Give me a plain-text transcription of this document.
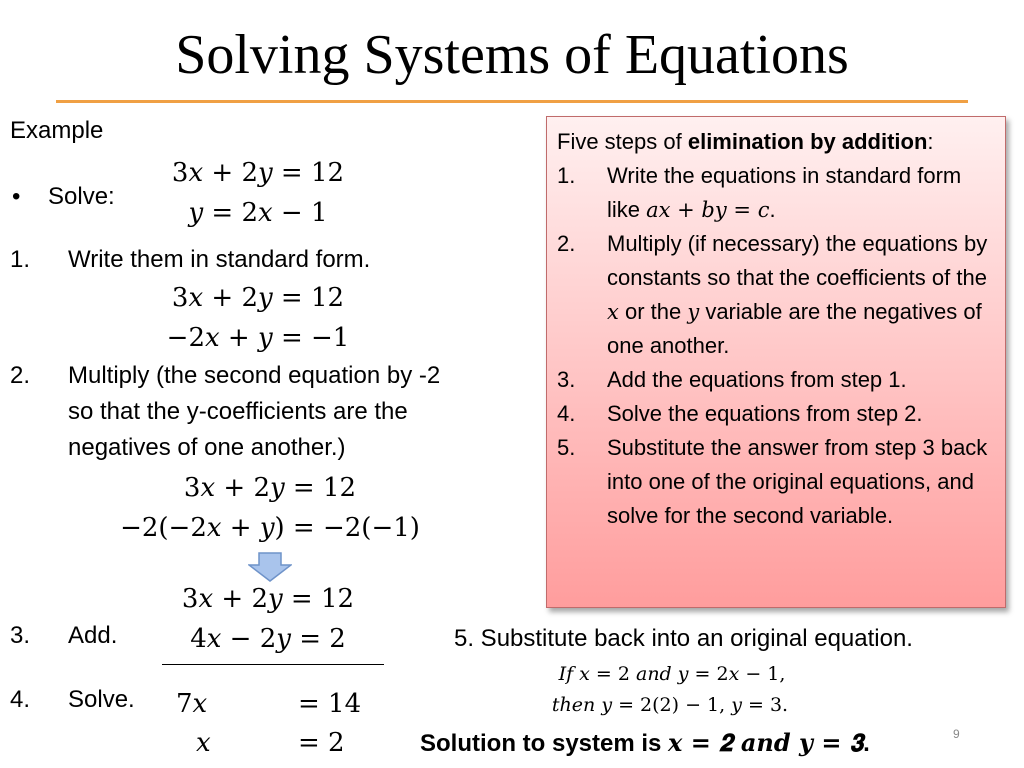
Solving Systems of Equations
Example
• Solve:
3𝑥 + 2𝑦 = 12
𝑦 = 2𝑥 − 1
1. Write them in standard form.
3𝑥 + 2𝑦 = 12
−2𝑥 + 𝑦 = −1
2. Multiply (the second equation by -2
so that the y-coefficients are the
negatives of one another.)
3𝑥 + 2𝑦 = 12
−2(−2𝑥 + 𝑦) = −2(−1)
3𝑥 + 2𝑦 = 12
3. Add.	4𝑥 − 2𝑦 = 2
4. Solve. 7𝑥	= 14
𝑥	= 2
Five steps of elimination by addition:
1.	Write the equations in standard form like 𝑎𝑥 + 𝑏𝑦 = 𝑐.
2.	Multiply (if necessary) the equations by constants so that the coefficients of the 𝑥 or the 𝑦 variable are the negatives of one another.
3.	Add the equations from step 1.
4.	Solve the equations from step 2.
5.	Substitute the answer from step 3 back into one of the original equations, and solve for the second variable.
5. Substitute back into an original equation.
𝐼𝑓 𝑥 = 2 𝑎𝑛𝑑 𝑦 = 2𝑥 − 1,
𝑡ℎ𝑒𝑛 𝑦 = 2(2) − 1, 𝑦 = 3.
Solution to system is 𝒙 = 𝟐 𝒂𝒏𝒅 𝒚 = 𝟑.	9
